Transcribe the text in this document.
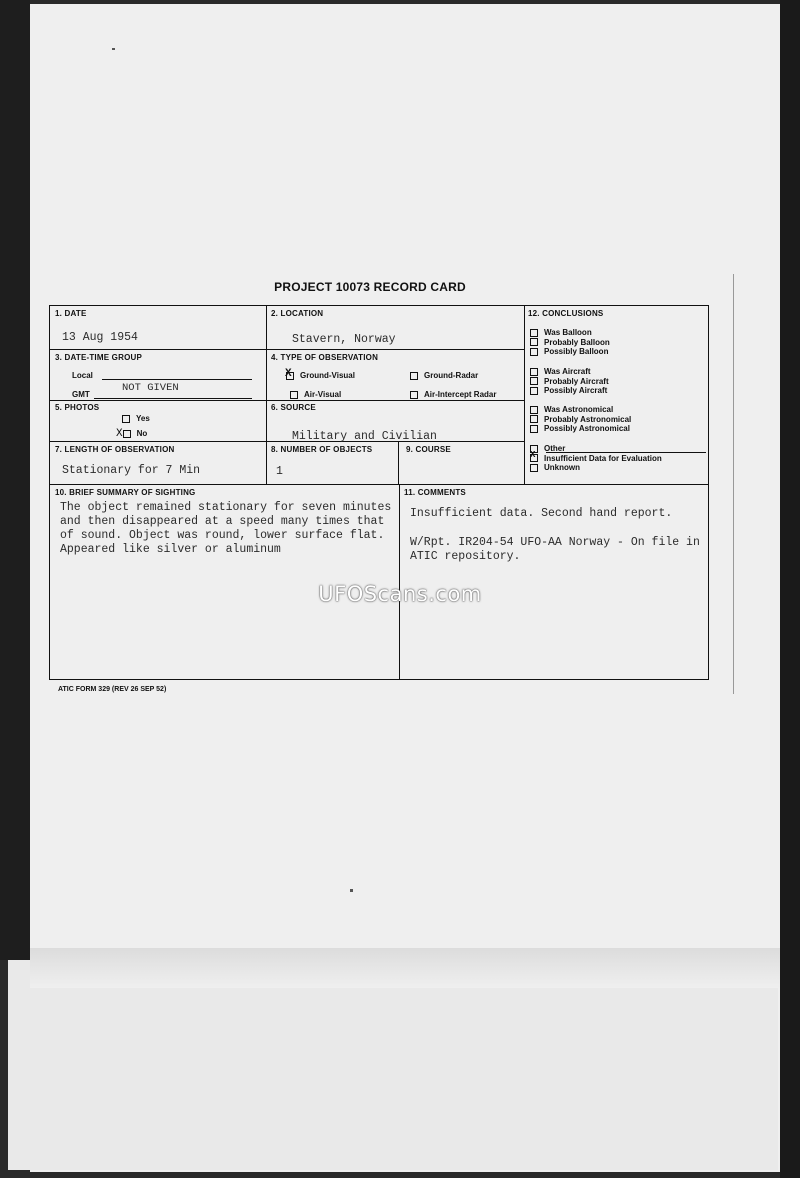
PROJECT 10073 RECORD CARD
1. DATE
13 Aug 1954
2. LOCATION
Stavern, Norway
3. DATE-TIME GROUP
Local
GMT
NOT GIVEN
4. TYPE OF OBSERVATION
X Ground-Visual	Ground-Radar
Air-Visual	Air-Intercept Radar
5. PHOTOS
Yes
X No
6. SOURCE
Military and Civilian
7. LENGTH OF OBSERVATION
Stationary for 7 Min
8. NUMBER OF OBJECTS
1
9. COURSE
10. BRIEF SUMMARY OF SIGHTING
The object remained stationary for seven minutes and then disappeared at a speed many times that of sound. Object was round, lower surface flat. Appeared like silver or aluminum
11. COMMENTS
Insufficient data. Second hand report.
W/Rpt. IR204-54 UFO-AA Norway - On file in ATIC repository.
12. CONCLUSIONS
Was Balloon
Probably Balloon
Possibly Balloon
Was Aircraft
Probably Aircraft
Possibly Aircraft
Was Astronomical
Probably Astronomical
Possibly Astronomical
Other
X Insufficient Data for Evaluation
Unknown
ATIC FORM 329 (REV 26 SEP 52)
UFOScans.com
